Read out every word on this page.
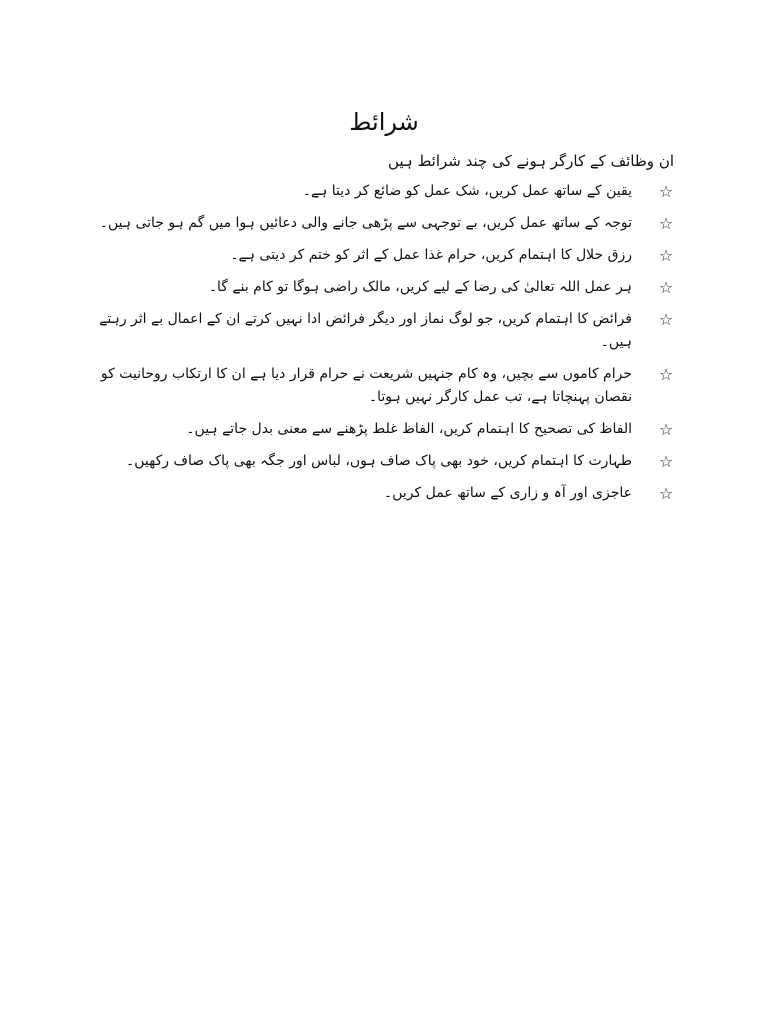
شرائط

ان وظائف کے کارگر ہونے کی چند شرائط ہیں

☆
یقین کے ساتھ عمل کریں، شک عمل کو ضائع کر دیتا ہے۔
☆
توجہ کے ساتھ عمل کریں، بے توجہی سے پڑھی جانے والی دعائیں ہوا میں گم ہو جاتی ہیں۔
☆
رزق حلال کا اہتمام کریں، حرام غذا عمل کے اثر کو ختم کر دیتی ہے۔
☆
ہر عمل اللہ تعالیٰ کی رضا کے لیے کریں، مالک راضی ہوگا تو کام بنے گا۔
☆
فرائض کا اہتمام کریں، جو لوگ نماز اور دیگر فرائض ادا نہیں کرتے ان کے اعمال بے اثر رہتے ہیں۔
☆
حرام کاموں سے بچیں، وہ کام جنہیں شریعت نے حرام قرار دیا ہے ان کا ارتکاب روحانیت کو نقصان پہنچاتا ہے، تب عمل کارگر نہیں ہوتا۔
☆
الفاظ کی تصحیح کا اہتمام کریں، الفاظ غلط پڑھنے سے معنی بدل جاتے ہیں۔
☆
طہارت کا اہتمام کریں، خود بھی پاک صاف ہوں، لباس اور جگہ بھی پاک صاف رکھیں۔
☆
عاجزی اور آہ و زاری کے ساتھ عمل کریں۔
